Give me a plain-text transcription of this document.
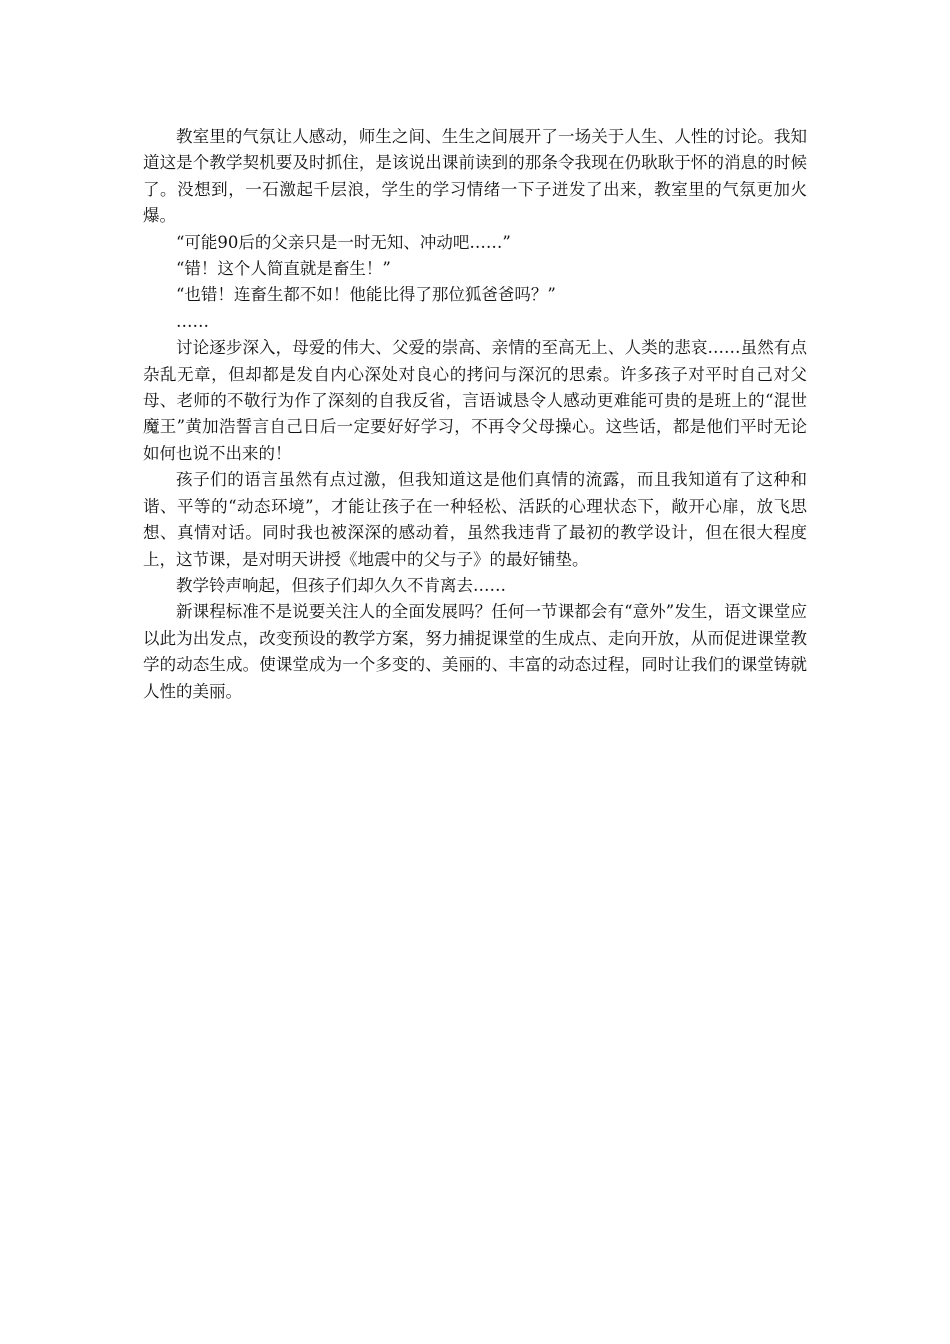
教室里的气氛让人感动，师生之间、生生之间展开了一场关于人生、人性的讨论。我知道这是个教学契机要及时抓住，是该说出课前读到的那条令我现在仍耿耿于怀的消息的时候了。没想到，一石激起千层浪，学生的学习情绪一下子迸发了出来，教室里的气氛更加火爆。

“可能90后的父亲只是一时无知、冲动吧……”

“错！这个人简直就是畜生！”

“也错！连畜生都不如！他能比得了那位狐爸爸吗？”

……

讨论逐步深入，母爱的伟大、父爱的崇高、亲情的至高无上、人类的悲哀……虽然有点杂乱无章，但却都是发自内心深处对良心的拷问与深沉的思索。许多孩子对平时自己对父母、老师的不敬行为作了深刻的自我反省，言语诚恳令人感动更难能可贵的是班上的“混世魔王”黄加浩誓言自己日后一定要好好学习，不再令父母操心。这些话，都是他们平时无论如何也说不出来的！

孩子们的语言虽然有点过激，但我知道这是他们真情的流露，而且我知道有了这种和谐、平等的“动态环境”，才能让孩子在一种轻松、活跃的心理状态下，敞开心扉，放飞思想、真情对话。同时我也被深深的感动着，虽然我违背了最初的教学设计，但在很大程度上，这节课，是对明天讲授《地震中的父与子》的最好铺垫。

教学铃声响起，但孩子们却久久不肯离去……

新课程标准不是说要关注人的全面发展吗？任何一节课都会有“意外”发生，语文课堂应以此为出发点，改变预设的教学方案，努力捕捉课堂的生成点、走向开放，从而促进课堂教学的动态生成。使课堂成为一个多变的、美丽的、丰富的动态过程，同时让我们的课堂铸就人性的美丽。
